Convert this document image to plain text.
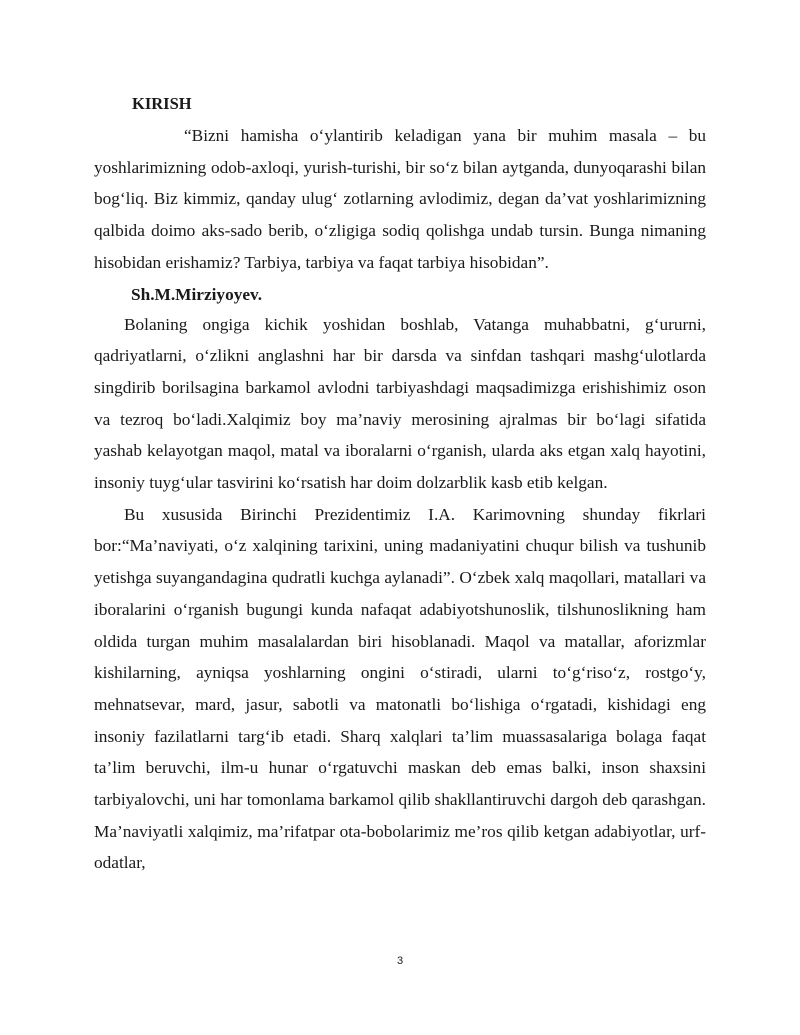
KIRISH

“Bizni hamisha o‘ylantirib keladigan yana bir muhim masala – bu yoshlarimizning odob-axloqi, yurish-turishi, bir so‘z bilan aytganda, dunyoqarashi bilan bog‘liq. Biz kimmiz, qanday ulug‘ zotlarning avlodimiz, degan da’vat yoshlarimizning qalbida doimo aks-sado berib, o‘zligiga sodiq qolishga undab tursin. Bunga nimaning hisobidan erishamiz? Tarbiya, tarbiya va faqat tarbiya hisobidan”.

Sh.M.Mirziyoyev.

Bolaning ongiga kichik yoshidan boshlab, Vatanga muhabbatni, g‘ururni, qadriyatlarni, o‘zlikni anglashni har bir darsda va sinfdan tashqari mashg‘ulotlarda singdirib borilsagina barkamol avlodni tarbiyashdagi maqsadimizga erishishimiz oson va tezroq bo‘ladi.Xalqimiz boy ma’naviy merosining ajralmas bir bo‘lagi sifatida yashab kelayotgan maqol, matal va iboralarni o‘rganish, ularda aks etgan xalq hayotini, insoniy tuyg‘ular tasvirini ko‘rsatish har doim dolzarblik kasb etib kelgan.

Bu xususida Birinchi Prezidentimiz I.A. Karimovning shunday fikrlari bor:“Ma’naviyati, o‘z xalqining tarixini, uning madaniyatini chuqur bilish va tushunib yetishga suyangandagina qudratli kuchga aylanadi”. O‘zbek xalq maqollari, matallari va iboralarini o‘rganish bugungi kunda nafaqat adabiyotshunoslik, tilshunoslikning ham oldida turgan muhim masalalardan biri hisoblanadi. Maqol va matallar, aforizmlar kishilarning, ayniqsa yoshlarning ongini o‘stiradi, ularni to‘g‘riso‘z, rostgo‘y, mehnatsevar, mard, jasur, sabotli va matonatli bo‘lishiga o‘rgatadi, kishidagi eng insoniy fazilatlarni targ‘ib etadi. Sharq xalqlari ta’lim muassasalariga bolaga faqat ta’lim beruvchi, ilm-u hunar o‘rgatuvchi maskan deb emas balki, inson shaxsini tarbiyalovchi, uni har tomonlama barkamol qilib shakllantiruvchi dargoh deb qarashgan. Ma’naviyatli xalqimiz, ma’rifatpar ota-bobolarimiz me’ros qilib ketgan adabiyotlar, urf-odatlar,

3
